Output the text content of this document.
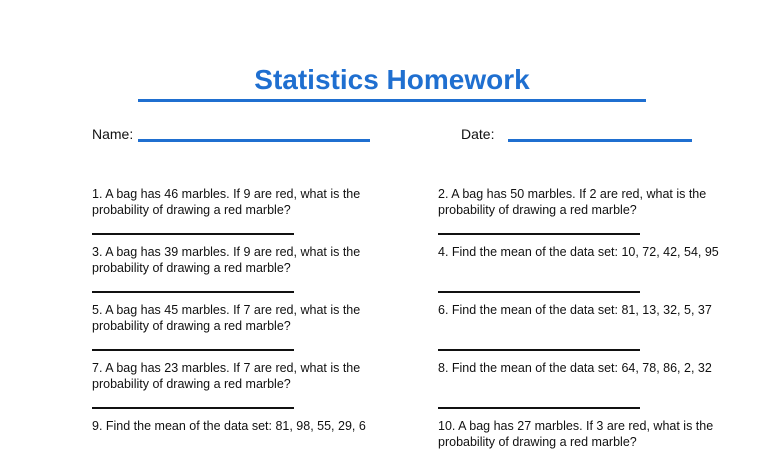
Statistics Homework
Name:	Date:
1. A bag has 46 marbles. If 9 are red, what is the probability of drawing a red marble?
2. A bag has 50 marbles. If 2 are red, what is the probability of drawing a red marble?
3. A bag has 39 marbles. If 9 are red, what is the probability of drawing a red marble?
4. Find the mean of the data set: 10, 72, 42, 54, 95
5. A bag has 45 marbles. If 7 are red, what is the probability of drawing a red marble?
6. Find the mean of the data set: 81, 13, 32, 5, 37
7. A bag has 23 marbles. If 7 are red, what is the probability of drawing a red marble?
8. Find the mean of the data set: 64, 78, 86, 2, 32
9. Find the mean of the data set: 81, 98, 55, 29, 6	10. A bag has 27 marbles. If 3 are red, what is the probability of drawing a red marble?
